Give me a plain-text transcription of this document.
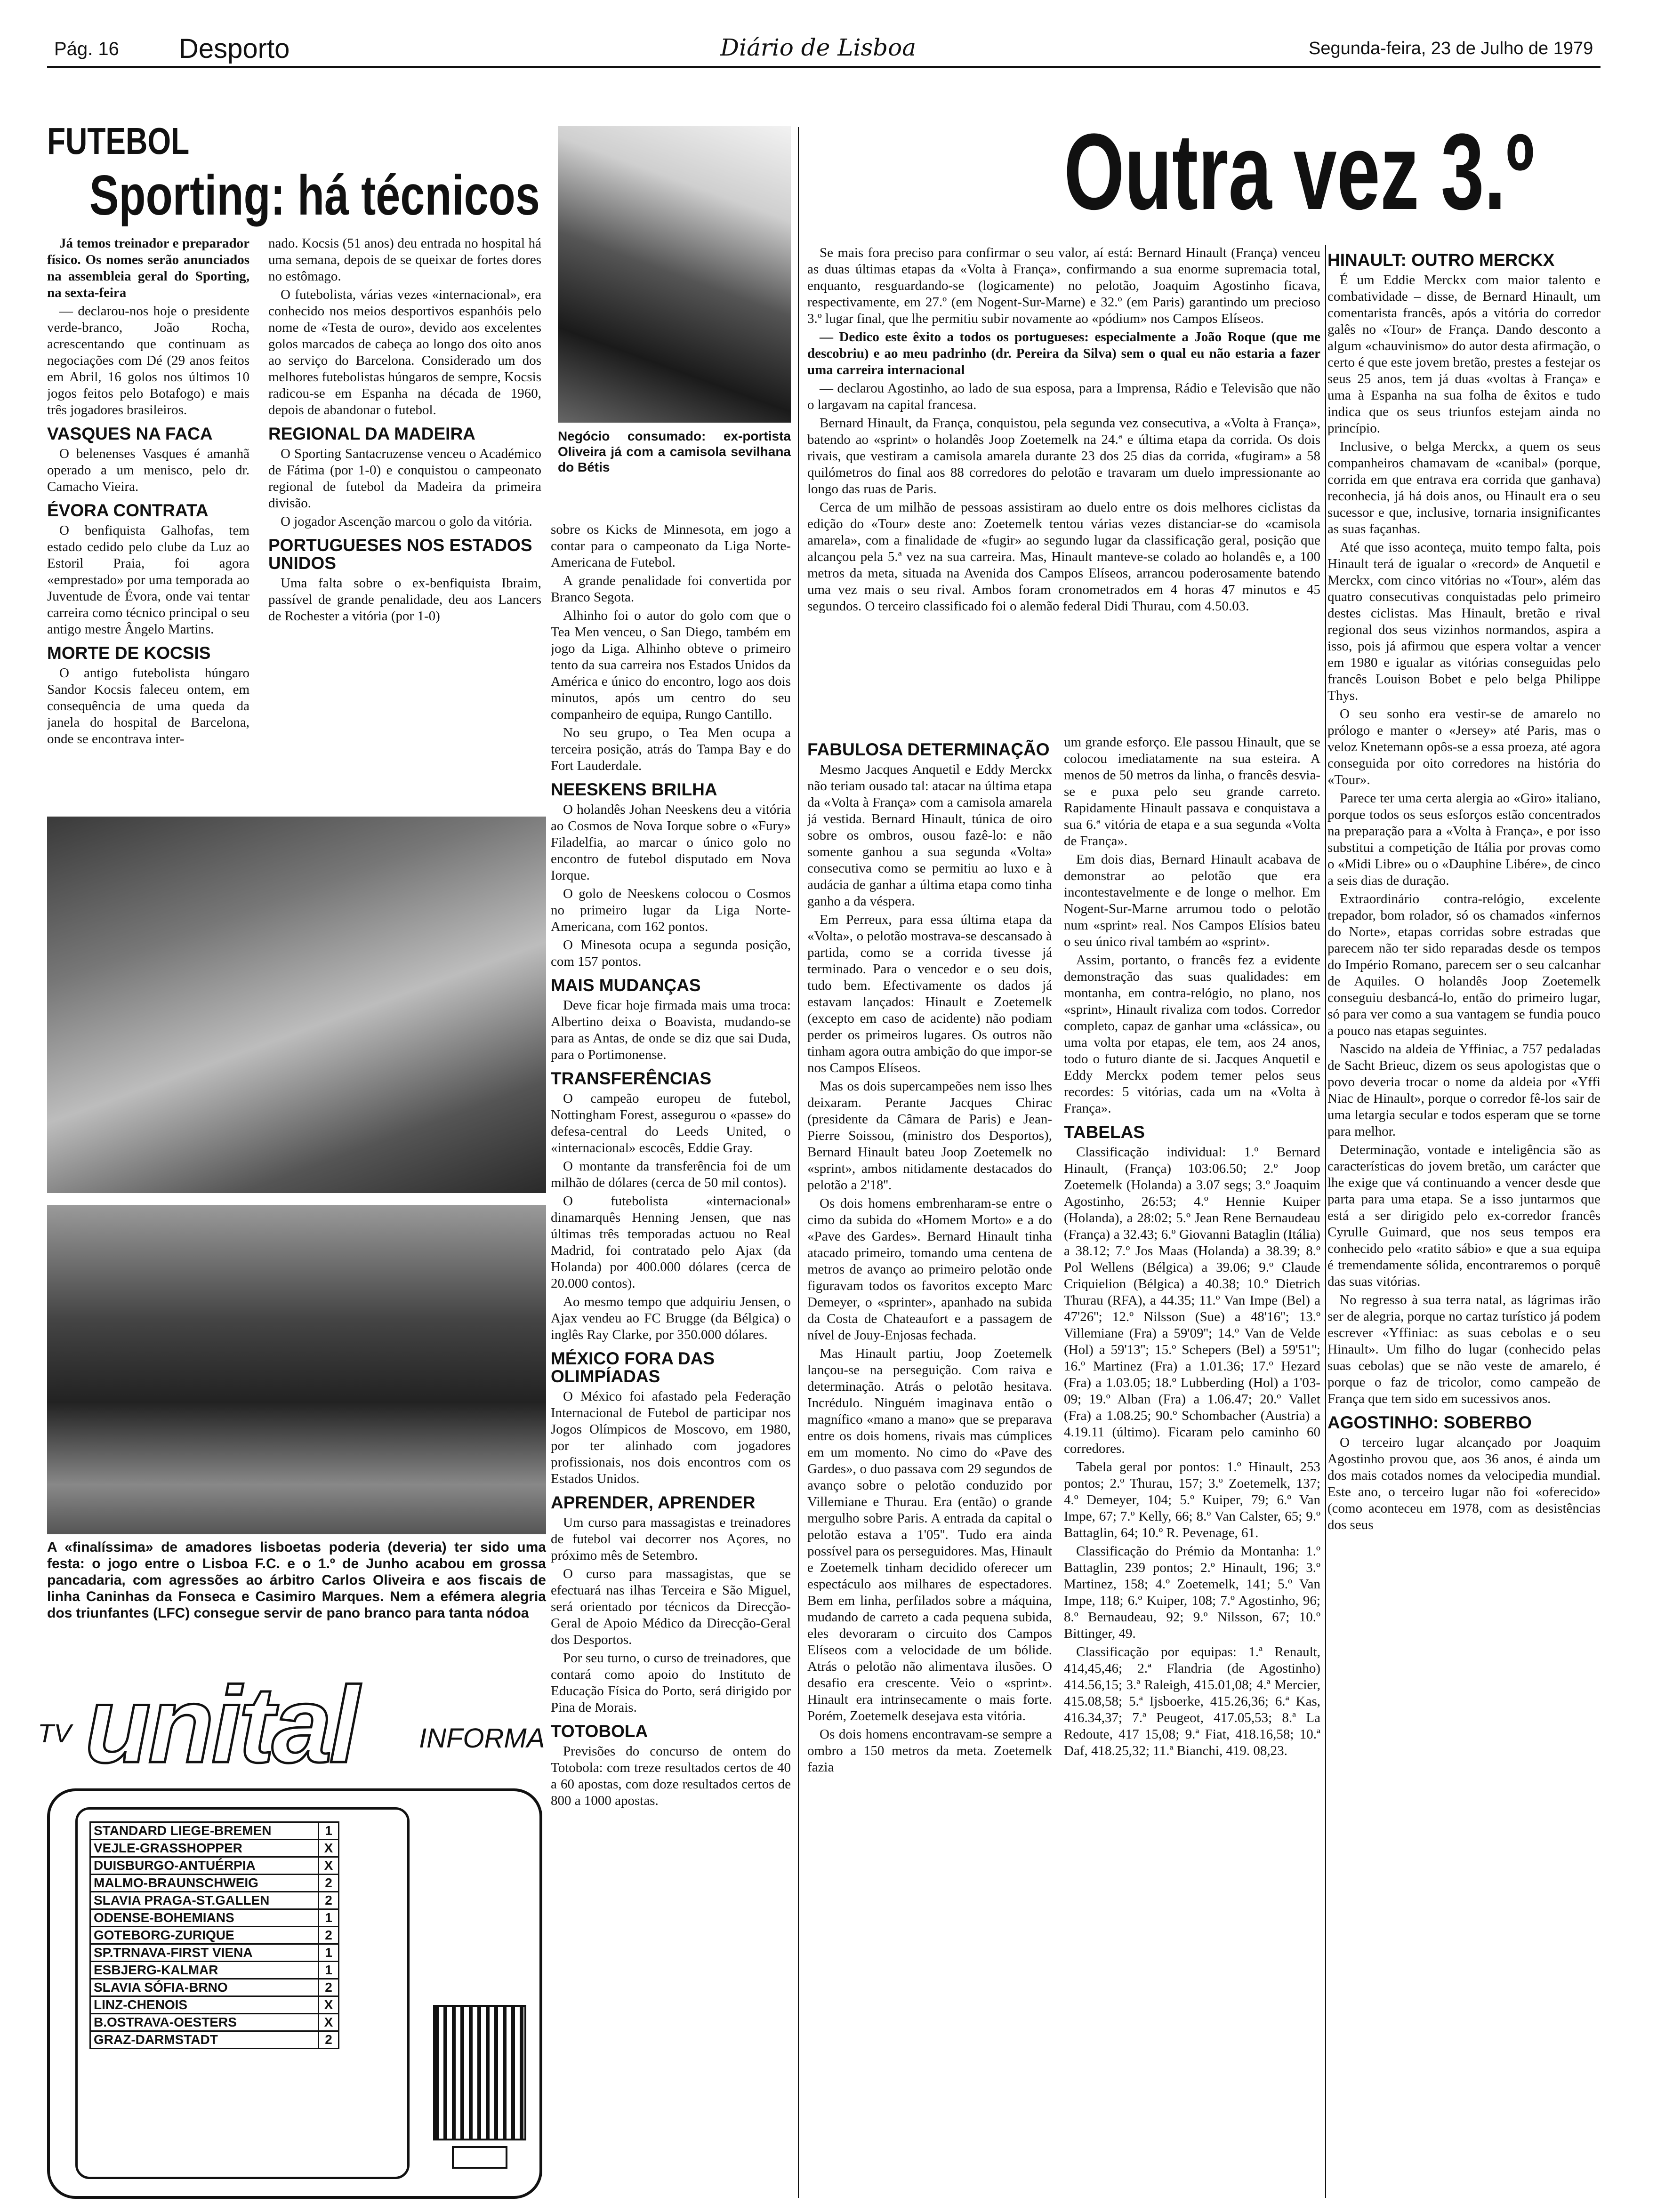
Pág. 16 Desporto	Diário de Lisboa	Segunda-feira, 23 de Julho de 1979
FUTEBOL
Sporting: há técnicos

Já temos treinador e preparador físico. Os nomes serão anunciados na assembleia geral do Sporting, na sexta-feira

— declarou-nos hoje o presidente verde-branco, João Rocha, acrescentando que continuam as negociações com Dé (29 anos feitos em Abril, 16 golos nos últimos 10 jogos feitos pelo Botafogo) e mais três jogadores brasileiros.

VASQUES NA FACA

O belenenses Vasques é amanhã operado a um menisco, pelo dr. Camacho Vieira.

ÉVORA CONTRATA

O benfiquista Galhofas, tem estado cedido pelo clube da Luz ao Estoril Praia, foi agora «emprestado» por uma temporada ao Juventude de Évora, onde vai tentar carreira como técnico principal o seu antigo mestre Ângelo Martins.

MORTE DE KOCSIS

O antigo futebolista húngaro Sandor Kocsis faleceu ontem, em consequência de uma queda da janela do hospital de Barcelona, onde se encontrava inter-

nado. Kocsis (51 anos) deu entrada no hospital há uma semana, depois de se queixar de fortes dores no estômago.

O futebolista, várias vezes «internacional», era conhecido nos meios desportivos espanhóis pelo nome de «Testa de ouro», devido aos excelentes golos marcados de cabeça ao longo dos oito anos ao serviço do Barcelona. Considerado um dos melhores futebolistas húngaros de sempre, Kocsis radicou-se em Espanha na década de 1960, depois de abandonar o futebol.

REGIONAL DA MADEIRA

O Sporting Santacruzense venceu o Académico de Fátima (por 1-0) e conquistou o campeonato regional de futebol da Madeira da primeira divisão.

O jogador Ascenção marcou o golo da vitória.

PORTUGUESES NOS ESTADOS UNIDOS

Uma falta sobre o ex-benfiquista Ibraim, passível de grande penalidade, deu aos Lancers de Rochester a vitória (por 1-0)

A «finalíssima» de amadores lisboetas poderia (deveria) ter sido uma festa: o jogo entre o Lisboa F.C. e o 1.º de Junho acabou em grossa pancadaria, com agressões ao árbitro Carlos Oliveira e aos fiscais de linha Caninhas da Fonseca e Casimiro Marques. Nem a efémera alegria dos triunfantes (LFC) conseguе servir de pano branco para tanta nódoa
TV unital INFORMA
STANDARD LIEGE-BREMEN	1
VEJLE-GRASSHOPPER	X
DUISBURGO-ANTUÉRPIA	X
MALMO-BRAUNSCHWEIG	2
SLAVIA PRAGA-ST.GALLEN	2
ODENSE-BOHEMIANS	1
GOTEBORG-ZURIQUE	2
SP.TRNAVA-FIRST VIENA	1
ESBJERG-KALMAR	1
SLAVIA SÓFIA-BRNO	2
LINZ-CHENOIS	X
B.OSTRAVA-OESTERS	X
GRAZ-DARMSTADT	2
Negócio consumado: ex-portista Oliveira já com a camisola sevilhana do Bétis

sobre os Kicks de Minnesota, em jogo a contar para o campeonato da Liga Norte-Americana de Futebol.

A grande penalidade foi convertida por Branco Segota.

Alhinho foi o autor do golo com que o Tea Men venceu, o San Diego, também em jogo da Liga. Alhinho obteve o primeiro tento da sua carreira nos Estados Unidos da América e único do encontro, logo aos dois minutos, após um centro do seu companheiro de equipa, Rungo Cantillo.

No seu grupo, o Tea Men ocupa a terceira posição, atrás do Tampa Bay e do Fort Lauderdale.

NEESKENS BRILHA

O holandês Johan Neeskens deu a vitória ao Cosmos de Nova Iorque sobre o «Fury» Filadelfia, ao marcar o único golo no encontro de futebol disputado em Nova Iorque.

O golo de Neeskens colocou o Cosmos no primeiro lugar da Liga Norte-Americana, com 162 pontos.

O Minesota ocupa a segunda posição, com 157 pontos.

MAIS MUDANÇAS

Deve ficar hoje firmada mais uma troca: Albertino deixa o Boavista, mudando-se para as Antas, de onde se diz que sai Duda, para o Portimonense.

TRANSFERÊNCIAS

O campeão europeu de futebol, Nottingham Forest, assegurou o «passe» do defesa-central do Leeds United, o «internacional» escocês, Eddie Gray.

O montante da transferência foi de um milhão de dólares (cerca de 50 mil contos).

O futebolista «internacional» dinamarquês Henning Jensen, que nas últimas três temporadas actuou no Real Madrid, foi contratado pelo Ajax (da Holanda) por 400.000 dólares (cerca de 20.000 contos).

Ao mesmo tempo que adquiriu Jensen, o Ajax vendeu ao FC Brugge (da Bélgica) o inglês Ray Clarke, por 350.000 dólares.

MÉXICO FORA DAS OLIMPÍADAS

O México foi afastado pela Federação Internacional de Futebol de participar nos Jogos Olímpicos de Moscovo, em 1980, por ter alinhado com jogadores profissionais, nos dois encontros com os Estados Unidos.

APRENDER, APRENDER

Um curso para massagistas e treinadores de futebol vai decorrer nos Açores, no próximo mês de Setembro.

O curso para massagistas, que se efectuará nas ilhas Terceira e São Miguel, será orientado por técnicos da Direcção-Geral de Apoio Médico da Direcção-Geral dos Desportos.

Por seu turno, o curso de treinadores, que contará como apoio do Instituto de Educação Física do Porto, será dirigido por Pina de Morais.

TOTOBOLA

Previsões do concurso de ontem do Totobola: com treze resultados certos de 40 a 60 apostas, com doze resultados certos de 800 a 1000 apostas.

Outra vez 3.º

Se mais fora preciso para confirmar o seu valor, aí está: Bernard Hinault (França) venceu as duas últimas etapas da «Volta à França», confirmando a sua enorme supremacia total, enquanto, resguardando-se (logicamente) no pelotão, Joaquim Agostinho ficava, respectivamente, em 27.º (em Nogent-Sur-Marne) e 32.º (em Paris) garantindo um precioso 3.º lugar final, que lhe permitiu subir novamente ao «pódium» nos Campos Elíseos.

— Dedico este êxito a todos os portugueses: especialmente a João Roque (que me descobriu) e ao meu padrinho (dr. Pereira da Silva) sem o qual eu não estaria a fazer uma carreira internacional

— declarou Agostinho, ao lado de sua esposa, para a Imprensa, Rádio e Televisão que não o largavam na capital francesa.

Bernard Hinault, da França, conquistou, pela segunda vez consecutiva, a «Volta à França», batendo ao «sprint» o holandês Joop Zoetemelk na 24.ª e última etapa da corrida. Os dois rivais, que vestiram a camisola amarela durante 23 dos 25 dias da corrida, «fugiram» a 58 quilómetros do final aos 88 corredores do pelotão e travaram um duelo impressionante ao longo das ruas de Paris.

Cerca de um milhão de pessoas assistiram ao duelo entre os dois melhores ciclistas da edição do «Tour» deste ano: Zoetemelk tentou várias vezes distanciar-se do «camisola amarela», com a finalidade de «fugir» ao segundo lugar da classificação geral, posição que alcançou pela 5.ª vez na sua carreira. Mas, Hinault manteve-se colado ao holandês e, a 100 metros da meta, situada na Avenida dos Campos Elíseos, arrancou poderosamente batendo uma vez mais o seu rival. Ambos foram cronometrados em 4 horas 47 minutos e 45 segundos. O terceiro classificado foi o alemão federal Didi Thurau, com 4.50.03.

FABULOSA DETERMINAÇÃO

Mesmo Jacques Anquetil e Eddy Merckx não teriam ousado tal: atacar na última etapa da «Volta à França» com a camisola amarela já vestida. Bernard Hinault, túnica de oiro sobre os ombros, ousou fazê-lo: e não somente ganhou a sua segunda «Volta» consecutiva como se permitiu ao luxo e à audácia de ganhar a última etapa como tinha ganho a da véspera.

Em Perreux, para essa última etapa da «Volta», o pelotão mostrava-se descansado à partida, como se a corrida tivesse já terminado. Para o vencedor e o seu dois, tudo bem. Efectivamente os dados já estavam lançados: Hinault e Zoetemelk (excepto em caso de acidente) não podiam perder os primeiros lugares. Os outros não tinham agora outra ambição do que impor-se nos Campos Elíseos.

Mas os dois supercampeões nem isso lhes deixaram. Perante Jacques Chirac (presidente da Câmara de Paris) e Jean-Pierre Soissou, (ministro dos Desportos), Bernard Hinault bateu Joop Zoetemelk no «sprint», ambos nitidamente destacados do pelotão a 2'18''.

Os dois homens embrenharam-se entre o cimo da subida do «Homem Morto» e a do «Pave des Gardes». Bernard Hinault tinha atacado primeiro, tomando uma centena de metros de avanço ao primeiro pelotão onde figuravam todos os favoritos excepto Marc Demeyer, o «sprinter», apanhado na subida da Costa de Chateaufort e a passagem de nível de Jouy-Enjosas fechada.

Mas Hinault partiu, Joop Zoetemelk lançou-se na perseguição. Com raiva e determinação. Atrás o pelotão hesitava. Incrédulo. Ninguém imaginava então o magnífico «mano a mano» que se preparava entre os dois homens, rivais mas cúmplices em um momento. No cimo do «Pave des Gardes», o duo passava com 29 segundos de avanço sobre o pelotão conduzido por Villemiane e Thurau. Era (então) o grande mergulho sobre Paris. A entrada da capital o pelotão estava a 1'05''. Tudo era ainda possível para os perseguidores. Mas, Hinault e Zoetemelk tinham decidido oferecer um espectáculo aos milhares de espectadores. Bem em linha, perfilados sobre a máquina, mudando de carreto a cada pequena subida, eles devoraram o circuito dos Campos Elíseos com a velocidade de um bólide. Atrás o pelotão não alimentava ilusões. O desafio era crescente. Veio o «sprint». Hinault era intrinsecamente o mais forte. Porém, Zoetemelk desejava esta vitória.

Os dois homens encontravam-se sempre a ombro a 150 metros da meta. Zoetemelk fazia

um grande esforço. Ele passou Hinault, que se colocou imediatamente na sua esteira. A menos de 50 metros da linha, o francês desvia-se e puxa pelo seu grande carreto. Rapidamente Hinault passava e conquistava a sua 6.ª vitória de etapa e a sua segunda «Volta de França».

Em dois dias, Bernard Hinault acabava de demonstrar ao pelotão que era incontestavelmente e de longe o melhor. Em Nogent-Sur-Marne arrumou todo o pelotão num «sprint» real. Nos Campos Elísios bateu o seu único rival também ao «sprint».

Assim, portanto, o francês fez a evidente demonstração das suas qualidades: em montanha, em contra-relógio, no plano, nos «sprint», Hinault rivaliza com todos. Corredor completo, capaz de ganhar uma «clássica», ou uma volta por etapas, ele tem, aos 24 anos, todo o futuro diante de si. Jacques Anquetil e Eddy Merckx podem temer pelos seus recordes: 5 vitórias, cada um na «Volta à França».

TABELAS

Classificação individual: 1.º Bernard Hinault, (França) 103:06.50; 2.º Joop Zoetemelk (Holanda) a 3.07 segs; 3.º Joaquim Agostinho, 26:53; 4.º Hennie Kuiper (Holanda), a 28:02; 5.º Jean Rene Bernaudeau (França) a 32.43; 6.º Giovanni Bataglin (Itália) a 38.12; 7.º Jos Maas (Holanda) a 38.39; 8.º Pol Wellens (Bélgica) a 39.06; 9.º Claude Criquielion (Bélgica) a 40.38; 10.º Dietrich Thurau (RFA), a 44.35; 11.º Van Impe (Bel) a 47'26''; 12.º Nilsson (Sue) a 48'16''; 13.º Villemiane (Fra) a 59'09''; 14.º Van de Velde (Hol) a 59'13''; 15.º Schepers (Bel) a 59'51''; 16.º Martinez (Fra) a 1.01.36; 17.º Hezard (Fra) a 1.03.05; 18.º Lubberding (Hol) a 1'03-09; 19.º Alban (Fra) a 1.06.47; 20.º Vallet (Fra) a 1.08.25; 90.º Schombacher (Austria) a 4.19.11 (último). Ficaram pelo caminho 60 corredores.

Tabela geral por pontos: 1.º Hinault, 253 pontos; 2.º Thurau, 157; 3.º Zoetemelk, 137; 4.º Demeyer, 104; 5.º Kuiper, 79; 6.º Van Impe, 67; 7.º Kelly, 66; 8.º Van Calster, 65; 9.º Battaglin, 64; 10.º R. Pevenage, 61.

Classificação do Prémio da Montanha: 1.º Battaglin, 239 pontos; 2.º Hinault, 196; 3.º Martinez, 158; 4.º Zoetemelk, 141; 5.º Van Impe, 118; 6.º Kuiper, 108; 7.º Agostinho, 96; 8.º Bernaudeau, 92; 9.º Nilsson, 67; 10.º Bittinger, 49.

Classificação por equipas: 1.ª Renault, 414,45,46; 2.ª Flandria (de Agostinho) 414.56,15; 3.ª Raleigh, 415.01,08; 4.ª Mercier, 415.08,58; 5.ª Ijsboerke, 415.26,36; 6.ª Kas, 416.34,37; 7.ª Peugeot, 417.05,53; 8.ª La Redoute, 417 15,08; 9.ª Fiat, 418.16,58; 10.ª Daf, 418.25,32; 11.ª Bianchi, 419. 08,23.

HINAULT: OUTRO MERCKX

É um Eddie Merckx com maior talento e combatividade – disse, de Bernard Hinault, um comentarista francês, após a vitória do corredor galês no «Tour» de França. Dando desconto a algum «chauvinismo» do autor desta afirmação, o certo é que este jovem bretão, prestes a festejar os seus 25 anos, tem já duas «voltas à França» e uma à Espanha na sua folha de êxitos e tudo indica que os seus triunfos estejam ainda no princípio.

Inclusive, o belga Merckx, a quem os seus companheiros chamavam de «canibal» (porque, corrida em que entrava era corrida que ganhava) reconhecia, já há dois anos, ou Hinault era o seu sucessor e que, inclusive, tornaria insignificantes as suas façanhas.

Até que isso aconteça, muito tempo falta, pois Hinault terá de igualar o «record» de Anquetil e Merckx, com cinco vitórias no «Tour», além das quatro consecutivas conquistadas pelo primeiro destes ciclistas. Mas Hinault, bretão e rival regional dos seus vizinhos normandos, aspira a isso, pois já afirmou que espera voltar a vencer em 1980 e igualar as vitórias conseguidas pelo francês Louison Bobet e pelo belga Philippe Thys.

O seu sonho era vestir-se de amarelo no prólogo e manter o «Jersey» até Paris, mas o veloz Knetemann opôs-se a essa proeza, até agora conseguida por oito corredores na história do «Tour».

Parece ter uma certa alergia ao «Giro» italiano, porque todos os seus esforços estão concentrados na preparação para a «Volta à França», e por isso substitui a competição de Itália por provas como o «Midi Libre» ou o «Dauphine Libére», de cinco a seis dias de duração.

Extraordinário contra-relógio, excelente trepador, bom rolador, só os chamados «infernos do Norte», etapas corridas sobre estradas que parecem não ter sido reparadas desde os tempos do Império Romano, parecem ser o seu calcanhar de Aquiles. O holandês Joop Zoetemelk conseguiu desbancá-lo, então do primeiro lugar, só para ver como a sua vantagem se fundia pouco a pouco nas etapas seguintes.

Nascido na aldeia de Yffiniac, a 757 pedaladas de Sacht Brieuc, dizem os seus apologistas que o povo deveria trocar o nome da aldeia por «Yffi Niac de Hinault», porque o corredor fê-los sair de uma letargia secular e todos esperam que se torne para melhor.

Determinação, vontade e inteligência são as características do jovem bretão, um carácter que lhe exige que vá continuando a vencer desde que parta para uma etapa. Se a isso juntarmos que está a ser dirigido pelo ex-corredor francês Cyrulle Guimard, que nos seus tempos era conhecido pelo «ratito sábio» e que a sua equipa é tremendamente sólida, encontraremos o porquê das suas vitórias.

No regresso à sua terra natal, as lágrimas irão ser de alegria, porque no cartaz turístico já podem escrever «Yffiniac: as suas cebolas e o seu Hinault». Um filho do lugar (conhecido pelas suas cebolas) que se não veste de amarelo, é porque o faz de tricolor, como campeão de França que tem sido em sucessivos anos.

AGOSTINHO: SOBERBO

O terceiro lugar alcançado por Joaquim Agostinho provou que, aos 36 anos, é ainda um dos mais cotados nomes da velocipedia mundial. Este ano, o terceiro lugar não foi «oferecido» (como aconteceu em 1978, com as desistências dos seus
